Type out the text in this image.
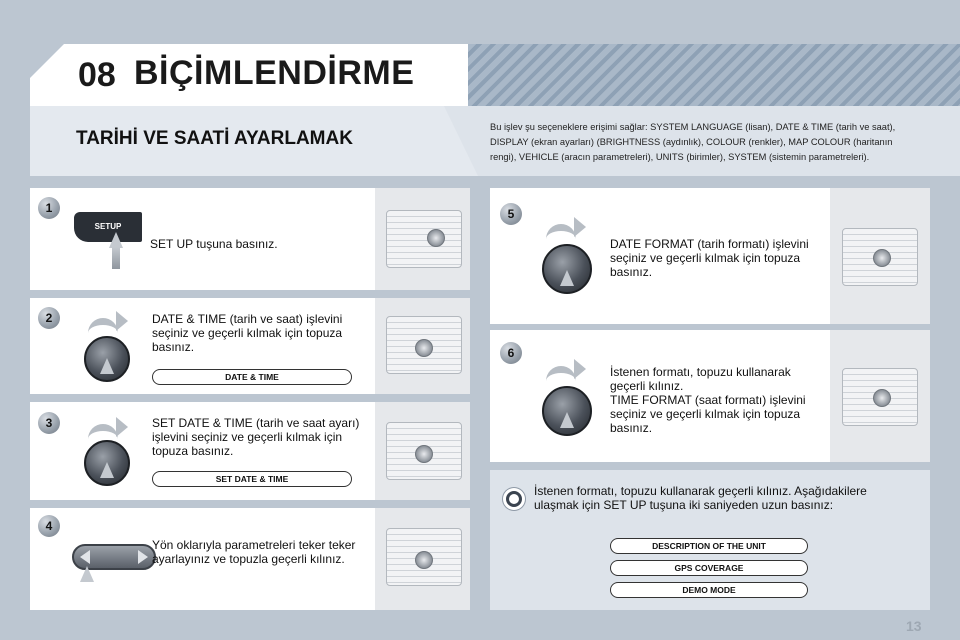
08 BİÇİMLENDİRME
TARİHİ VE SAATİ AYARLAMAK
Bu işlev şu seçeneklere erişimi sağlar: SYSTEM LANGUAGE (lisan), DATE & TIME (tarih ve saat), DISPLAY (ekran ayarları) (BRIGHTNESS (aydınlık), COLOUR (renkler), MAP COLOUR (haritanın rengi), VEHICLE (aracın parametreleri), UNITS (birimler), SYSTEM (sistemin parametreleri).
1
SETUP
SET UP tuşuna basınız.
2	DATE & TIME (tarih ve saat) işlevini seçiniz ve geçerli kılmak için topuza basınız.
DATE & TIME
3	SET DATE & TIME (tarih ve saat ayarı) işlevini seçiniz ve geçerli kılmak için topuza basınız.
SET DATE & TIME
4
Yön oklarıyla parametreleri teker teker ayarlayınız ve topuzla geçerli kılınız.
5
DATE FORMAT (tarih formatı) işlevini seçiniz ve geçerli kılmak için topuza basınız.
6
İstenen formatı, topuzu kullanarak geçerli kılınız.
TIME FORMAT (saat formatı) işlevini seçiniz ve geçerli kılmak için topuza basınız.
İstenen formatı, topuzu kullanarak geçerli kılınız. Aşağıdakilere ulaşmak için SET UP tuşuna iki saniyeden uzun basınız:
DESCRIPTION OF THE UNIT
GPS COVERAGE
DEMO MODE
13
